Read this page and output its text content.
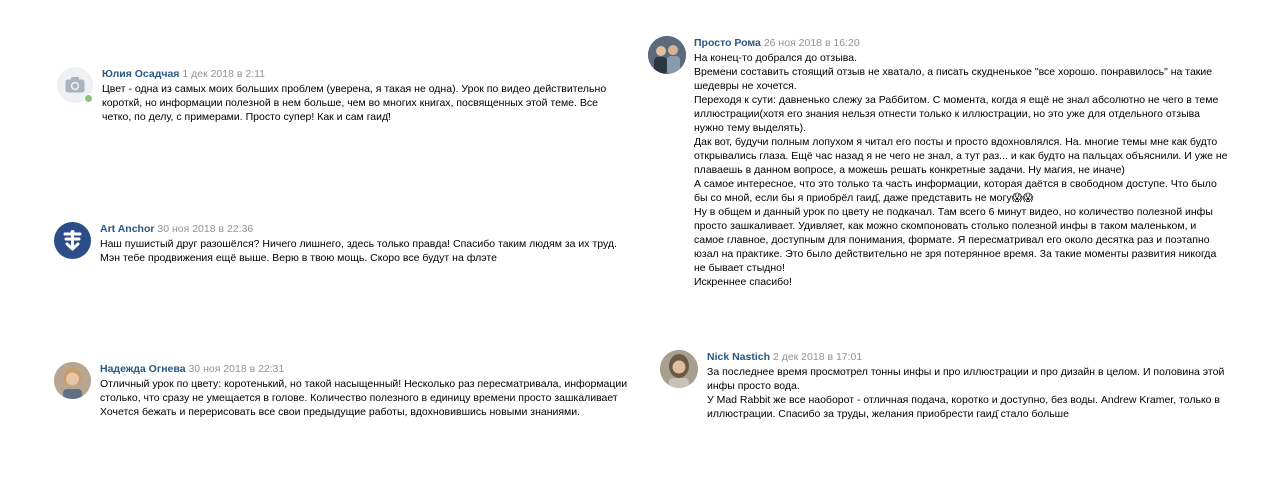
Юлия Осадчая 1 дек 2018 в 2:11
Цвет - одна из самых моих больших проблем (уверена, я такая не одна). Урок по видео действительно
короткй, но информации полезной в нем больше, чем во многих книгах, посвященных этой теме. Все
четко, по делу, с примерами. Просто супер! Как и сам гаид̆!
Art Anchor 30 ноя 2018 в 22:36
Наш пушистый друг разошёлся? Ничего лишнего, здесь только правда! Спасибо таким людям за их труд.
Мэн тебе продвижения ещё выше. Верю в твою мощь. Скоро все будут на флэте
Надежда Огнева 30 ноя 2018 в 22:31
Отличный урок по цвету: коротенький, но такой насыщенный! Несколько раз пересматривала, информации
столько, что сразу не умещается в голове. Количество полезного в единицу времени просто зашкаливает
Хочется бежать и перерисовать все свои предыдущие работы, вдохновившись новыми знаниями.
Просто Рома 26 ноя 2018 в 16:20
На конец-то добрался до отзыва.
Времени составить стоящий отзыв не хватало, а писать скудненькое "все хорошо. понравилось" на такие
шедевры не хочется.
Переходя к сути: давненько слежу за Раббитом. С момента, когда я ещё не знал абсолютно не чего в теме
иллюстрации(хотя его знания нельзя отнести только к иллюстрации, но это уже для отдельного отзыва
нужно тему выделять).
Дак вот, будучи полным лопухом я читал его посты и просто вдохновлялся. На. многие темы мне как будто
открывались глаза. Ещё час назад я не чего не знал, а тут раз... и как будто на пальцах объяснили. И уже не
плаваешь в данном вопросе, а можешь решать конкретные задачи. Ну магия, не иначе)
А самое интересное, что это только та часть информации, которая даётся в свободном доступе. Что было
бы со мной, если бы я приобрёл гаид̆, даже представить не могу😱😱
Ну в общем и данный урок по цвету не подкачал. Там всего 6 минут видео, но количество полезной инфы
просто зашкаливает. Удивляет, как можно скомпоновать столько полезной инфы в таком маленьком, и
самое главное, доступным для понимания, формате. Я пересматривал его около десятка раз и поэтапно
юзал на практике. Это было действительно не зря потерянное время. За такие моменты развития никогда
не бывает стыдно!
Искреннее спасибо!
Nick Nastich 2 дек 2018 в 17:01
За последнее время просмотрел тонны инфы и про иллюстрации и про дизайн в целом. И половина этой
инфы просто вода.
У Mad Rabbit же все наоборот - отличная подача, коротко и доступно, без воды. Andrew Kramer, только в
иллюстрации. Спасибо за труды, желания приобрести гаид̆ стало больше
